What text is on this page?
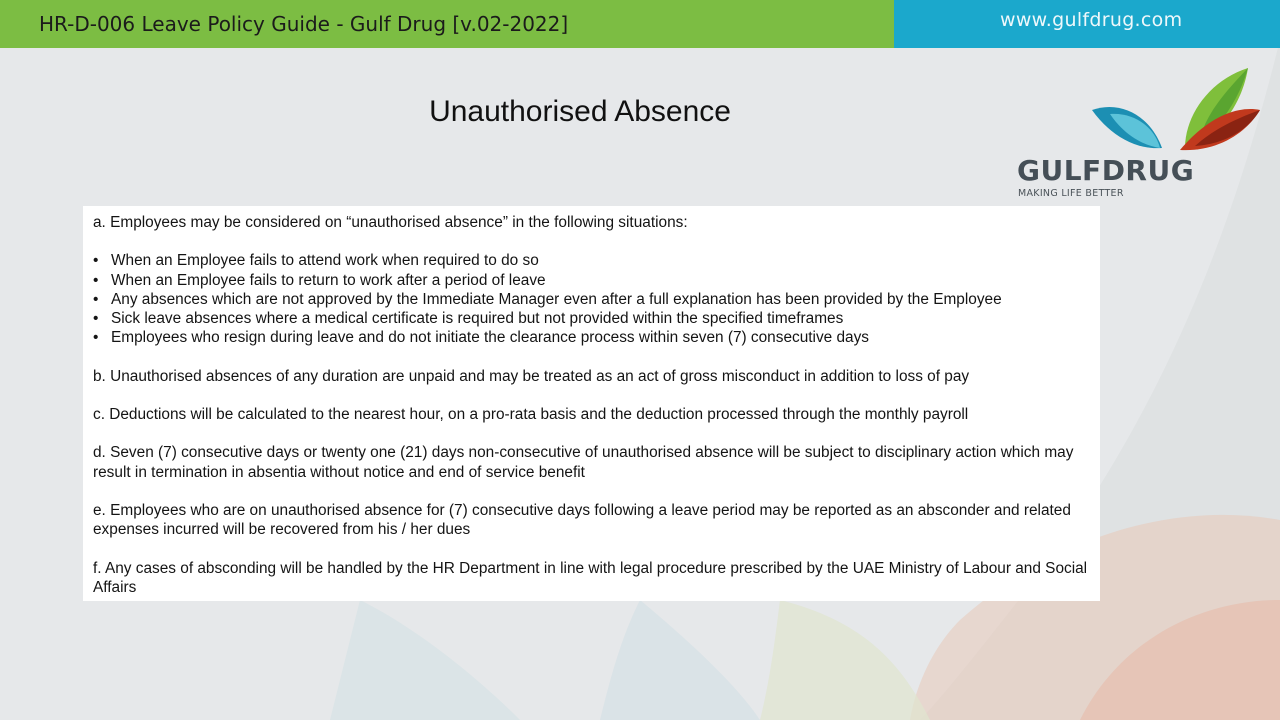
HR-D-006 Leave Policy Guide - Gulf Drug [v.02-2022]	www.gulfdrug.com
Unauthorised Absence
GULFDRUG
MAKING LIFE BETTER

a. Employees may be considered on “unauthorised absence” in the following situations:

• When an Employee fails to attend work when required to do so
• When an Employee fails to return to work after a period of leave
• Any absences which are not approved by the Immediate Manager even after a full explanation has been provided by the Employee
• Sick leave absences where a medical certificate is required but not provided within the specified timeframes
• Employees who resign during leave and do not initiate the clearance process within seven (7) consecutive days

b. Unauthorised absences of any duration are unpaid and may be treated as an act of gross misconduct in addition to loss of pay

c. Deductions will be calculated to the nearest hour, on a pro-rata basis and the deduction processed through the monthly payroll

d. Seven (7) consecutive days or twenty one (21) days non-consecutive of unauthorised absence will be subject to disciplinary action which may result in termination in absentia without notice and end of service benefit

e. Employees who are on unauthorised absence for (7) consecutive days following a leave period may be reported as an absconder and related expenses incurred will be recovered from his / her dues

f. Any cases of absconding will be handled by the HR Department in line with legal procedure prescribed by the UAE Ministry of Labour and Social Affairs
